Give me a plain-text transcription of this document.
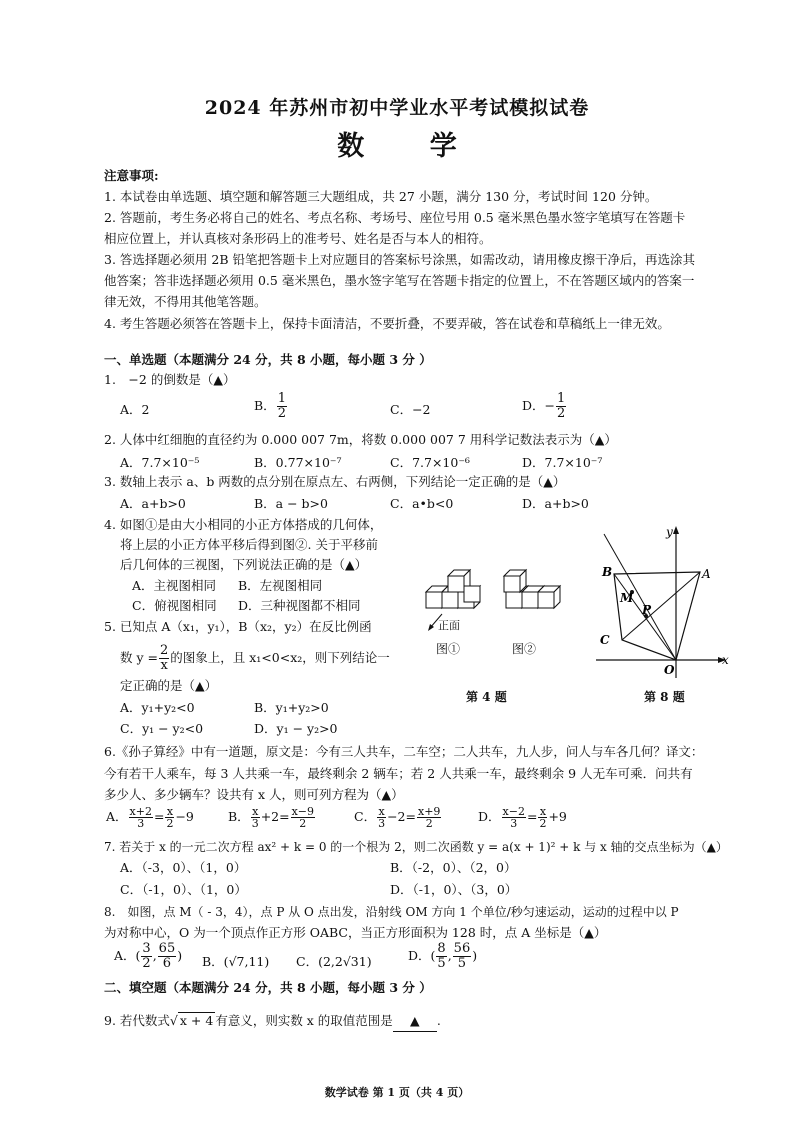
2024 年苏州市初中学业水平考试模拟试卷
数 学
注意事项:
1. 本试卷由单选题、填空题和解答题三大题组成，共 27 小题，满分 130 分，考试时间 120 分钟。
2. 答题前，考生务必将自己的姓名、考点名称、考场号、座位号用 0.5 毫米黑色墨水签字笔填写在答题卡
相应位置上，并认真核对条形码上的准考号、姓名是否与本人的相符。
3. 答选择题必须用 2B 铅笔把答题卡上对应题目的答案标号涂黑，如需改动，请用橡皮擦干净后，再选涂其
他答案；答非选择题必须用 0.5 毫米黑色，墨水签字笔写在答题卡指定的位置上，不在答题区域内的答案一
律无效，不得用其他笔答题。
4. 考生答题必须答在答题卡上，保持卡面清洁，不要折叠，不要弄破，答在试卷和草稿纸上一律无效。
一、单选题（本题满分 24 分，共 8 小题，每小题 3 分 ）
1.　−2 的倒数是（▲）
A．2	B． $\frac{1}{2}$	C．−2	D．− $\frac{1}{2}$
2. 人体中红细胞的直径约为 0.000 007 7m，将数 0.000 007 7 用科学记数法表示为（▲）
A．7.7×10⁻⁵	B．0.77×10⁻⁷	C．7.7×10⁻⁶	D．7.7×10⁻⁷
3. 数轴上表示 a、b 两数的点分别在原点左、右两侧，下列结论一定正确的是（▲）
A．a+b>0	B．a − b>0	C．a•b<0	D．a+b>0
4. 如图①是由大小相同的小正方体搭成的几何体，
将上层的小正方体平移后得到图②. 关于平移前
后几何体的三视图，下列说法正确的是（▲）
A．主视图相同 B．左视图相同
C．俯视图相同 D．三种视图都不相同
正面
图①	图②
第 4 题
y
x
B	A
M
P
C
O
第 8 题
5. 已知点 A（x₁，y₁），B（x₂，y₂）在反比例函
数 $y = \frac{2}{x}$ 的图象上，且 x₁<0<x₂，则下列结论一
定正确的是（▲）
A．y₁+y₂<0	B．y₁+y₂>0
C．y₁ − y₂<0	D．y₁ − y₂>0
6.《孙子算经》中有一道题，原文是：今有三人共车，二车空；二人共车，九人步，问人与车各几何？译文：
今有若干人乘车，每 3 人共乘一车，最终剩余 2 辆车；若 2 人共乘一车，最终剩余 9 人无车可乘．问共有
多少人、多少辆车？设共有 x 人，则可列方程为（▲）
A． $\frac{x+2}{3} = \frac{x}{2} -9$	B． $\frac{x}{3} +2= \frac{x-9}{2}$	C． $\frac{x}{3} -2= \frac{x+9}{2}$	D． $\frac{x-2}{3} = \frac{x}{2} +9$
7. 若关于 x 的一元二次方程 ax² + k = 0 的一个根为 2，则二次函数 y = a(x + 1)² + k 与 x 轴的交点坐标为（▲）
A．（-3，0）、（1，0）	B．（-2，0）、（2，0）
C．（-1，0）、（1，0）	D．（-1，0）、（3，0）
8.　如图，点 M（ - 3，4），点 P 从 O 点出发，沿射线 OM 方向 1 个单位/秒匀速运动，运动的过程中以 P
为对称中心，O 为一个顶点作正方形 OABC，当正方形面积为 128 时，点 A 坐标是（▲）
A．( $\frac{3}{2}$ , $\frac{65}{6}$ ) B．(√7,11) C．(2,2√31)	D．( $\frac{8}{5}$ , $\frac{56}{5}$ )
二、填空题（本题满分 24 分，共 8 小题，每小题 3 分 ）
9. 若代数式√ x + 4 有意义，则实数 x 的取值范围是 ▲ .
数学试卷 第 1 页（共 4 页）
